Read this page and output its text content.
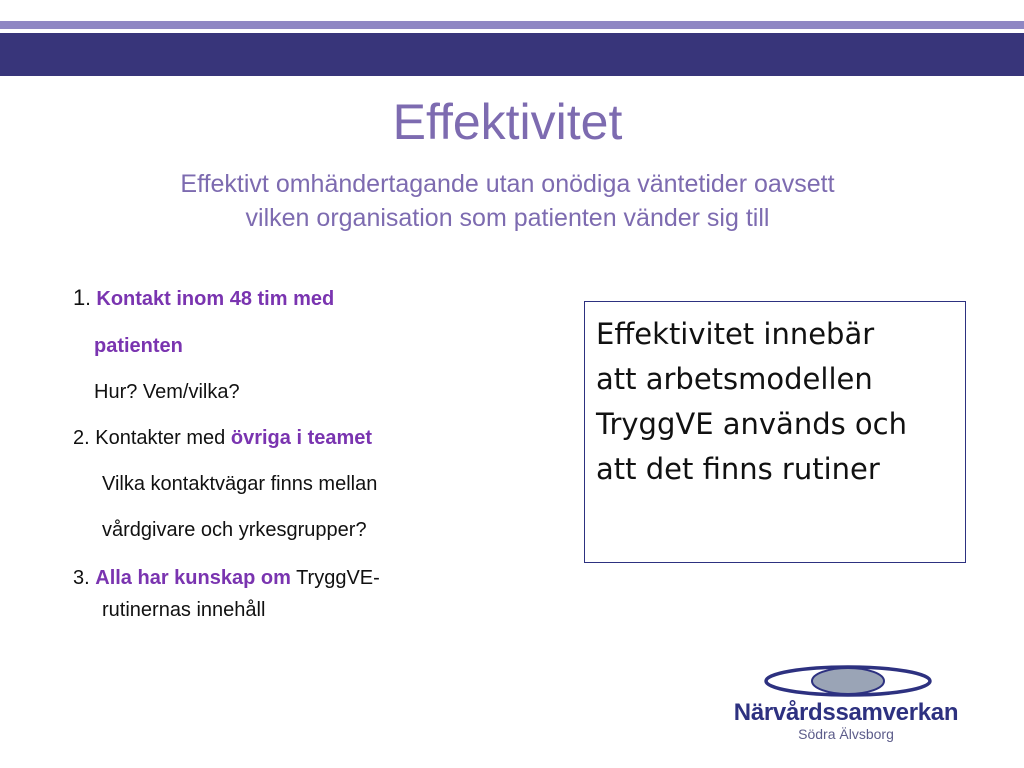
Effektivitet
Effektivt omhändertagande utan onödiga väntetider oavsett
vilken organisation som patienten vänder sig till
1. Kontakt inom 48 tim med
patienten
Hur? Vem/vilka?
2. Kontakter med övriga i teamet
Vilka kontaktvägar finns mellan
vårdgivare och yrkesgrupper?
3. Alla har kunskap om TryggVE-
rutinernas innehåll
Effektivitet innebär
att arbetsmodellen
TryggVE används och
att det finns rutiner
Närvårdssamverkan
Södra Älvsborg
